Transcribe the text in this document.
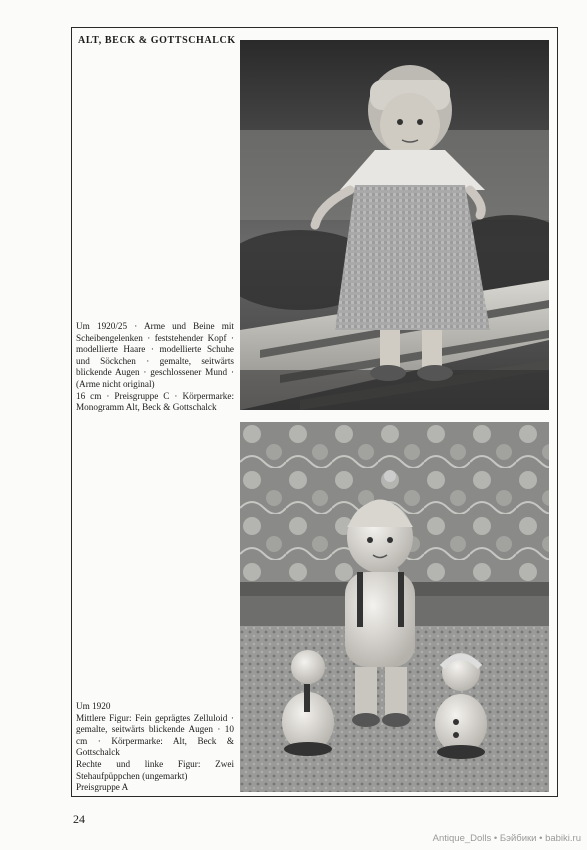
ALT, BECK & GOTTSCHALCK

Um 1920/25 · Arme und Beine mit Scheibengelenken · feststehender Kopf · modellierte Haare · modellierte Schuhe und Söckchen · gemalte, seitwärts blickende Augen · geschlossener Mund · (Arme nicht original)

16 cm · Preisgruppe C · Körpermarke: Monogramm Alt, Beck & Gottschalck

Um 1920

Mittlere Figur: Fein geprägtes Zelluloid · gemalte, seitwärts blickende Augen · 10 cm · Körpermarke: Alt, Beck & Gottschalck

Rechte und linke Figur: Zwei Stehaufpüppchen (ungemarkt)

Preisgruppe A

24
Antique_Dolls • Бэйбики • babiki.ru
